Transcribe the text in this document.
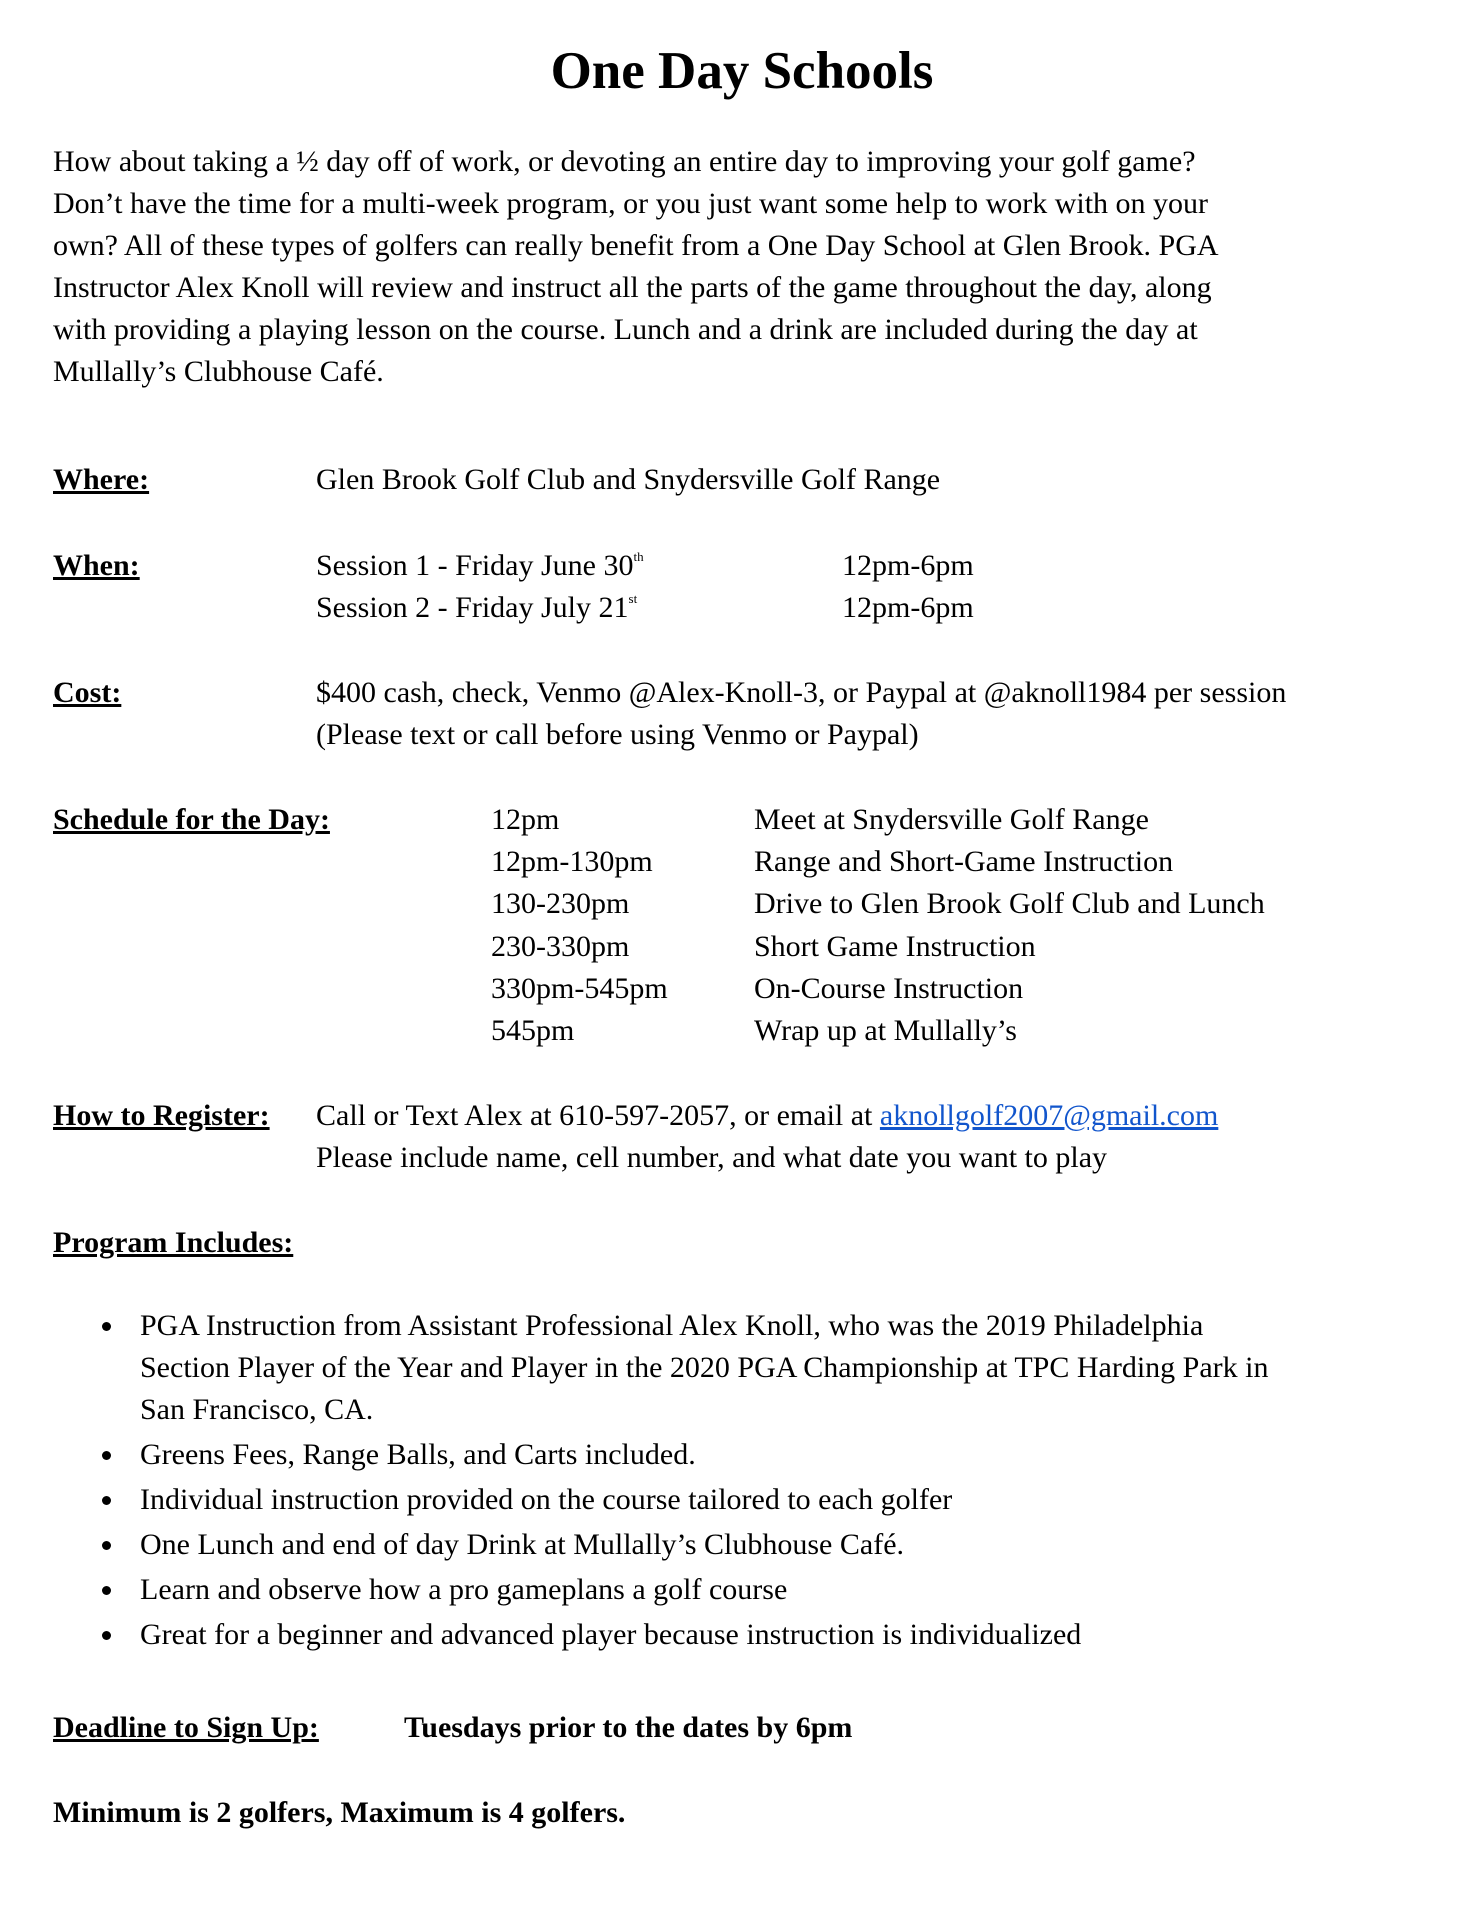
One Day Schools
How about taking a ½ day off of work, or devoting an entire day to improving your golf game?
Don’t have the time for a multi-week program, or you just want some help to work with on your
own? All of these types of golfers can really benefit from a One Day School at Glen Brook. PGA
Instructor Alex Knoll will review and instruct all the parts of the game throughout the day, along
with providing a playing lesson on the course. Lunch and a drink are included during the day at
Mullally’s Clubhouse Café.
Where:	Glen Brook Golf Club and Snydersville Golf Range
When:	Session 1 - Friday June 30th	12pm-6pm
Session 2 - Friday July 21st	12pm-6pm
Cost:	$400 cash, check, Venmo @Alex-Knoll-3, or Paypal at @aknoll1984 per session
(Please text or call before using Venmo or Paypal)
Schedule for the Day:	12pm	Meet at Snydersville Golf Range
12pm-130pm	Range and Short-Game Instruction
130-230pm	Drive to Glen Brook Golf Club and Lunch
230-330pm	Short Game Instruction
330pm-545pm	On-Course Instruction
545pm	Wrap up at Mullally’s
How to Register: Call or Text Alex at 610-597-2057, or email at aknollgolf2007@gmail.com
Please include name, cell number, and what date you want to play
Program Includes:
PGA Instruction from Assistant Professional Alex Knoll, who was the 2019 Philadelphia
Section Player of the Year and Player in the 2020 PGA Championship at TPC Harding Park in
San Francisco, CA.
Greens Fees, Range Balls, and Carts included.
Individual instruction provided on the course tailored to each golfer
One Lunch and end of day Drink at Mullally’s Clubhouse Café.
Learn and observe how a pro gameplans a golf course
Great for a beginner and advanced player because instruction is individualized
Deadline to Sign Up:	Tuesdays prior to the dates by 6pm
Minimum is 2 golfers, Maximum is 4 golfers.
